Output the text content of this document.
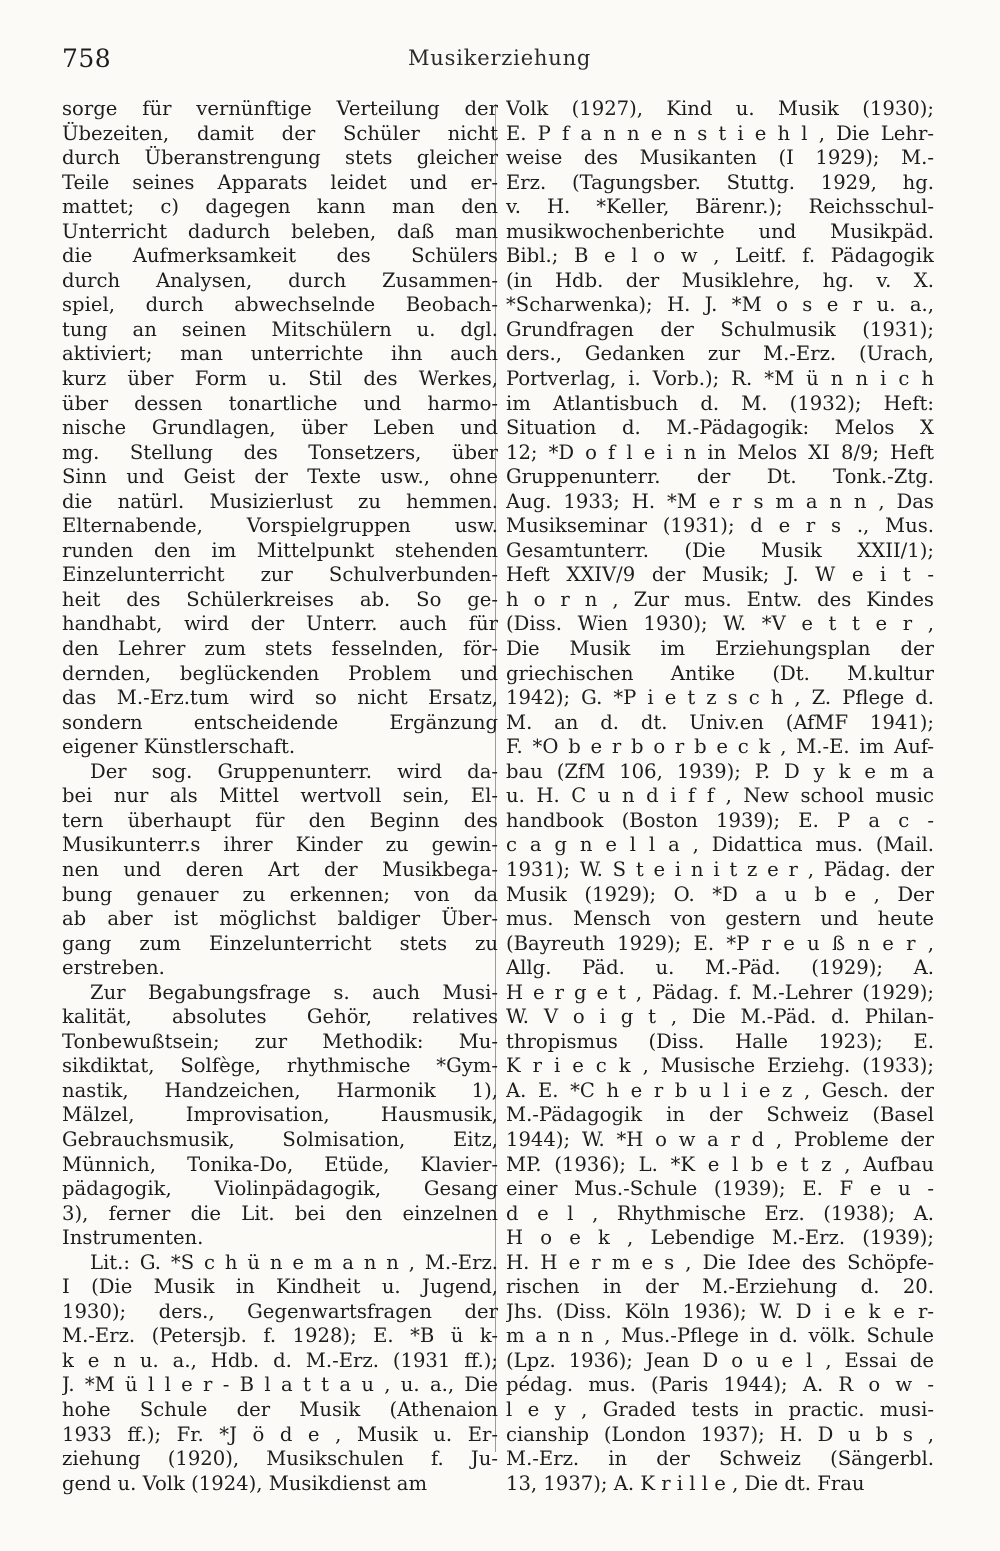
758	Musikerziehung
sorge für vernünftige Verteilung der
Übezeiten, damit der Schüler nicht
durch Überanstrengung stets gleicher
Teile seines Apparats leidet und er-
mattet; c) dagegen kann man den
Unterricht dadurch beleben, daß man
die Aufmerksamkeit des Schülers
durch Analysen, durch Zusammen-
spiel, durch abwechselnde Beobach-
tung an seinen Mitschülern u. dgl.
aktiviert; man unterrichte ihn auch
kurz über Form u. Stil des Werkes,
über dessen tonartliche und harmo-
nische Grundlagen, über Leben und
mg. Stellung des Tonsetzers, über
Sinn und Geist der Texte usw., ohne
die natürl. Musizierlust zu hemmen.
Elternabende, Vorspielgruppen usw.
runden den im Mittelpunkt stehenden
Einzelunterricht zur Schulverbunden-
heit des Schülerkreises ab. So ge-
handhabt, wird der Unterr. auch für
den Lehrer zum stets fesselnden, för-
dernden, beglückenden Problem und
das M.-Erz.tum wird so nicht Ersatz,
sondern entscheidende Ergänzung
eigener Künstlerschaft.
Der sog. Gruppenunterr. wird da-
bei nur als Mittel wertvoll sein, El-
tern überhaupt für den Beginn des
Musikunterr.s ihrer Kinder zu gewin-
nen und deren Art der Musikbega-
bung genauer zu erkennen; von da
ab aber ist möglichst baldiger Über-
gang zum Einzelunterricht stets zu
erstreben.
Zur Begabungsfrage s. auch Musi-
kalität, absolutes Gehör, relatives
Tonbewußtsein; zur Methodik: Mu-
sikdiktat, Solfège, rhythmische *Gym-
nastik, Handzeichen, Harmonik 1),
Mälzel, Improvisation, Hausmusik,
Gebrauchsmusik, Solmisation, Eitz,
Münnich, Tonika-Do, Etüde, Klavier-
pädagogik, Violinpädagogik, Gesang
3), ferner die Lit. bei den einzelnen
Instrumenten.
Lit.: G. *S c h ü n e m a n n , M.-Erz.
I (Die Musik in Kindheit u. Jugend,
1930); ders., Gegenwartsfragen der
M.-Erz. (Petersjb. f. 1928); E. *B ü k-
k e n u. a., Hdb. d. M.-Erz. (1931 ff.);
J. *M ü l l e r - B l a t t a u , u. a., Die
hohe Schule der Musik (Athenaion
1933 ff.); Fr. *J ö d e , Musik u. Er-
ziehung (1920), Musikschulen f. Ju-
gend u. Volk (1924), Musikdienst am
Volk (1927), Kind u. Musik (1930);
E. P f a n n e n s t i e h l , Die Lehr-
weise des Musikanten (I 1929); M.-
Erz. (Tagungsber. Stuttg. 1929, hg.
v. H. *Keller, Bärenr.); Reichsschul-
musikwochenberichte und Musikpäd.
Bibl.; B e l o w , Leitf. f. Pädagogik
(in Hdb. der Musiklehre, hg. v. X.
*Scharwenka); H. J. *M o s e r u. a.,
Grundfragen der Schulmusik (1931);
ders., Gedanken zur M.-Erz. (Urach,
Portverlag, i. Vorb.); R. *M ü n n i c h
im Atlantisbuch d. M. (1932); Heft:
Situation d. M.-Pädagogik: Melos X
12; *D o f l e i n in Melos XI 8/9; Heft
Gruppenunterr. der Dt. Tonk.-Ztg.
Aug. 1933; H. *M e r s m a n n , Das
Musikseminar (1931); d e r s ., Mus.
Gesamtunterr. (Die Musik XXII/1);
Heft XXIV/9 der Musik; J. W e i t -
h o r n , Zur mus. Entw. des Kindes
(Diss. Wien 1930); W. *V e t t e r ,
Die Musik im Erziehungsplan der
griechischen Antike (Dt. M.kultur
1942); G. *P i e t z s c h , Z. Pflege d.
M. an d. dt. Univ.en (AfMF 1941);
F. *O b e r b o r b e c k , M.-E. im Auf-
bau (ZfM 106, 1939); P. D y k e m a
u. H. C u n d i f f , New school music
handbook (Boston 1939); E. P a c -
c a g n e l l a , Didattica mus. (Mail.
1931); W. S t e i n i t z e r , Pädag. der
Musik (1929); O. *D a u b e , Der
mus. Mensch von gestern und heute
(Bayreuth 1929); E. *P r e u ß n e r ,
Allg. Päd. u. M.-Päd. (1929); A.
H e r g e t , Pädag. f. M.-Lehrer (1929);
W. V o i g t , Die M.-Päd. d. Philan-
thropismus (Diss. Halle 1923); E.
K r i e c k , Musische Erziehg. (1933);
A. E. *C h e r b u l i e z , Gesch. der
M.-Pädagogik in der Schweiz (Basel
1944); W. *H o w a r d , Probleme der
MP. (1936); L. *K e l b e t z , Aufbau
einer Mus.-Schule (1939); E. F e u -
d e l , Rhythmische Erz. (1938); A.
H o e k , Lebendige M.-Erz. (1939);
H. H e r m e s , Die Idee des Schöpfe-
rischen in der M.-Erziehung d. 20.
Jhs. (Diss. Köln 1936); W. D i e k e r-
m a n n , Mus.-Pflege in d. völk. Schule
(Lpz. 1936); Jean D o u e l , Essai de
pédag. mus. (Paris 1944); A. R o w -
l e y , Graded tests in practic. musi-
cianship (London 1937); H. D u b s ,
M.-Erz. in der Schweiz (Sängerbl.
13, 1937); A. K r i l l e , Die dt. Frau
